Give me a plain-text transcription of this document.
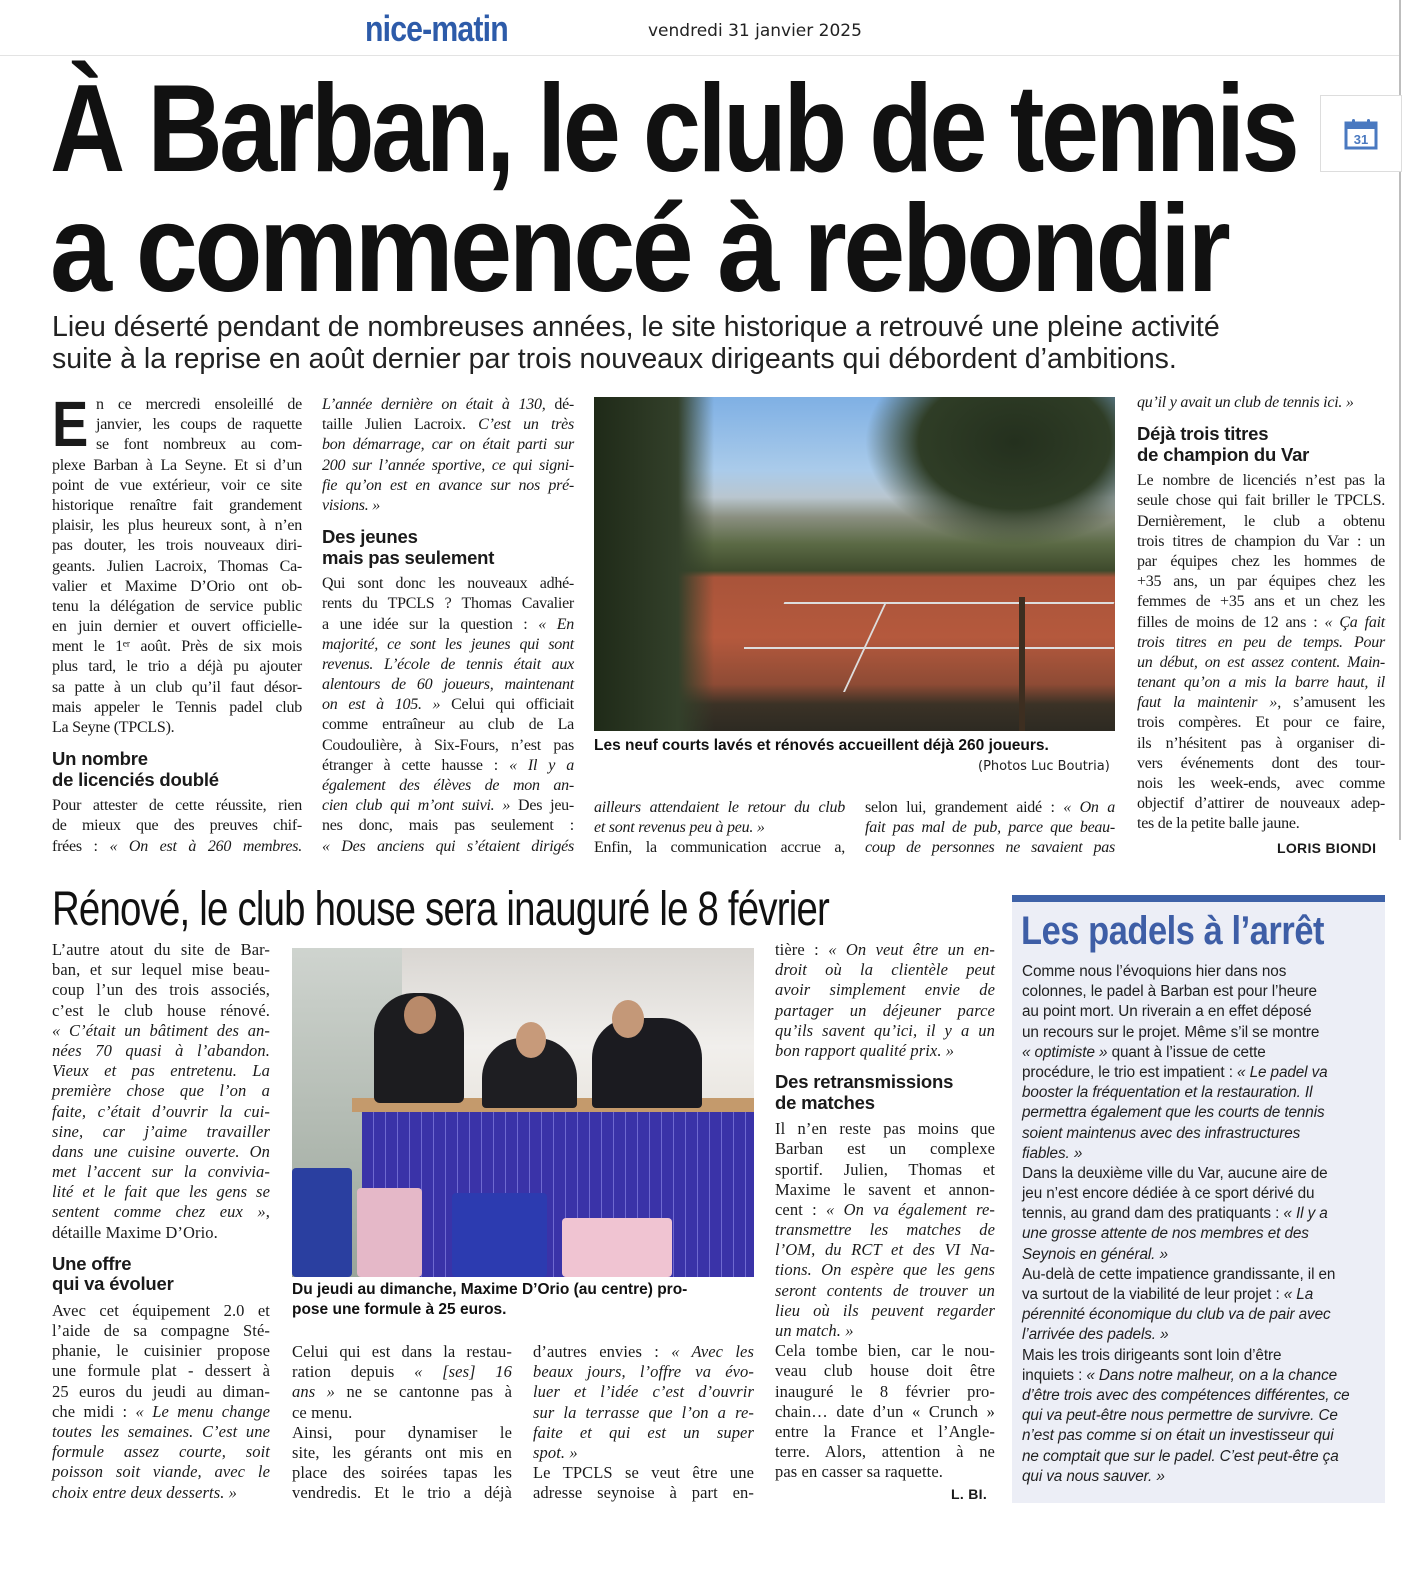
nice-matin	vendredi 31 janvier 2025
À Barban, le club de tennis
a commencé à rebondir
31
Lieu déserté pendant de nombreuses années, le site historique a retrouvé une pleine activité
suite à la reprise en août dernier par trois nouveaux dirigeants qui débordent d’ambitions.
E n ce mercredi ensoleillé de
janvier, les coups de raquette
se font nombreux au com-
plexe Barban à La Seyne. Et si d’un
point de vue extérieur, voir ce site
historique renaître fait grandement
plaisir, les plus heureux sont, à n’en
pas douter, les trois nouveaux diri-
geants. Julien Lacroix, Thomas Ca-
valier et Maxime D’Orio ont ob-
tenu la délégation de service public
en juin dernier et ouvert officielle-
ment le 1ᵉʳ août. Près de six mois
plus tard, le trio a déjà pu ajouter
sa patte à un club qu’il faut désor-
mais appeler le Tennis padel club
La Seyne (TPCLS).
Un nombre
de licenciés doublé
Pour attester de cette réussite, rien
de mieux que des preuves chif-
frées : « On est à 260 membres.
L’année dernière on était à 130, dé-
taille Julien Lacroix. C’est un très
bon démarrage, car on était parti sur
200 sur l’année sportive, ce qui signi-
fie qu’on est en avance sur nos pré-
visions. »
Des jeunes
mais pas seulement
Qui sont donc les nouveaux adhé-
rents du TPCLS ? Thomas Cavalier
a une idée sur la question : « En
majorité, ce sont les jeunes qui sont
revenus. L’école de tennis était aux
alentours de 60 joueurs, maintenant
on est à 105. » Celui qui officiait
comme entraîneur au club de La
Coudoulière, à Six-Fours, n’est pas
étranger à cette hausse : « Il y a
également des élèves de mon an-
cien club qui m’ont suivi. » Des jeu-
nes donc, mais pas seulement :
« Des anciens qui s’étaient dirigés
Les neuf courts lavés et rénovés accueillent déjà 260 joueurs.
(Photos Luc Boutria)
ailleurs attendaient le retour du club
et sont revenus peu à peu. »
Enfin, la communication accrue a,
selon lui, grandement aidé : « On a
fait pas mal de pub, parce que beau-
coup de personnes ne savaient pas
qu’il y avait un club de tennis ici. »
Déjà trois titres
de champion du Var
Le nombre de licenciés n’est pas la
seule chose qui fait briller le TPCLS.
Dernièrement, le club a obtenu
trois titres de champion du Var : un
par équipes chez les hommes de
+35 ans, un par équipes chez les
femmes de +35 ans et un chez les
filles de moins de 12 ans : « Ça fait
trois titres en peu de temps. Pour
un début, on est assez content. Main-
tenant qu’on a mis la barre haut, il
faut la maintenir », s’amusent les
trois compères. Et pour ce faire,
ils n’hésitent pas à organiser di-
vers événements dont des tour-
nois les week-ends, avec comme
objectif d’attirer de nouveaux adep-
tes de la petite balle jaune.
LORIS BIONDI
Rénové, le club house sera inauguré le 8 février
L’autre atout du site de Bar-
ban, et sur lequel mise beau-
coup l’un des trois associés,
c’est le club house rénové.
« C’était un bâtiment des an-
nées 70 quasi à l’abandon.
Vieux et pas entretenu. La
première chose que l’on a
faite, c’était d’ouvrir la cui-
sine, car j’aime travailler
dans une cuisine ouverte. On
met l’accent sur la convivia-
lité et le fait que les gens se
sentent comme chez eux »,
détaille Maxime D’Orio.
Une offre
qui va évoluer
Avec cet équipement 2.0 et
l’aide de sa compagne Sté-
phanie, le cuisinier propose
une formule plat - dessert à
25 euros du jeudi au diman-
che midi : « Le menu change
toutes les semaines. C’est une
formule assez courte, soit
poisson soit viande, avec le
choix entre deux desserts. »
Du jeudi au dimanche, Maxime D’Orio (au centre) pro-
pose une formule à 25 euros.
Celui qui est dans la restau-
ration depuis « [ses] 16
ans » ne se cantonne pas à
ce menu.
Ainsi, pour dynamiser le
site, les gérants ont mis en
place des soirées tapas les
vendredis. Et le trio a déjà
d’autres envies : « Avec les
beaux jours, l’offre va évo-
luer et l’idée c’est d’ouvrir
sur la terrasse que l’on a re-
faite et qui est un super
spot. »
Le TPCLS se veut être une
adresse seynoise à part en-
tière : « On veut être un en-
droit où la clientèle peut
avoir simplement envie de
partager un déjeuner parce
qu’ils savent qu’ici, il y a un
bon rapport qualité prix. »
Des retransmissions
de matches
Il n’en reste pas moins que
Barban est un complexe
sportif. Julien, Thomas et
Maxime le savent et annon-
cent : « On va également re-
transmettre les matches de
l’OM, du RCT et des VI Na-
tions. On espère que les gens
seront contents de trouver un
lieu où ils peuvent regarder
un match. »
Cela tombe bien, car le nou-
veau club house doit être
inauguré le 8 février pro-
chain… date d’un « Crunch »
entre la France et l’Angle-
terre. Alors, attention à ne
pas en casser sa raquette.
L. BI.
Les padels à l’arrêt
Comme nous l’évoquions hier dans nos
colonnes, le padel à Barban est pour l’heure
au point mort. Un riverain a en effet déposé
un recours sur le projet. Même s’il se montre
« optimiste » quant à l’issue de cette
procédure, le trio est impatient : « Le padel va
booster la fréquentation et la restauration. Il
permettra également que les courts de tennis
soient maintenus avec des infrastructures
fiables. »
Dans la deuxième ville du Var, aucune aire de
jeu n’est encore dédiée à ce sport dérivé du
tennis, au grand dam des pratiquants : « Il y a
une grosse attente de nos membres et des
Seynois en général. »
Au-delà de cette impatience grandissante, il en
va surtout de la viabilité de leur projet : « La
pérennité économique du club va de pair avec
l’arrivée des padels. »
Mais les trois dirigeants sont loin d’être
inquiets : « Dans notre malheur, on a la chance
d’être trois avec des compétences différentes, ce
qui va peut-être nous permettre de survivre. Ce
n’est pas comme si on était un investisseur qui
ne comptait que sur le padel. C’est peut-être ça
qui va nous sauver. »
